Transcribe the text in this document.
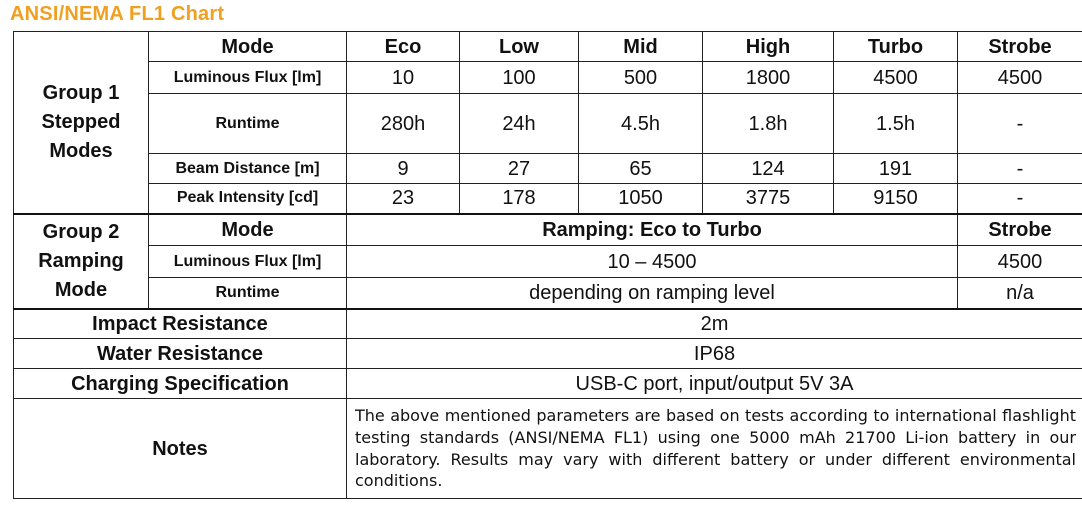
ANSI/NEMA FL1 Chart
Group 1
Stepped
Modes	Mode	Eco	Low	Mid	High	Turbo	Strobe
	Luminous Flux [lm]	10	100	500	1800	4500	4500
	Runtime	280h	24h	4.5h	1.8h	1.5h	-
	Beam Distance [m]	9	27	65	124	191	-
	Peak Intensity [cd]	23	178	1050	3775	9150	-
Group 2
Ramping
Mode	Mode	Ramping: Eco to Turbo					Strobe
	Luminous Flux [lm]	10 – 4500					4500
	Runtime	depending on ramping level					n/a
Impact Resistance		2m					
Water Resistance		IP68					
Charging Specification		USB-C port, input/output 5V 3A					
Notes		The above mentioned parameters are based on tests according to international flashlight testing standards (ANSI/NEMA FL1) using one 5000 mAh 21700 Li-ion battery in our laboratory. Results may vary with different battery or under different environmental conditions.					
